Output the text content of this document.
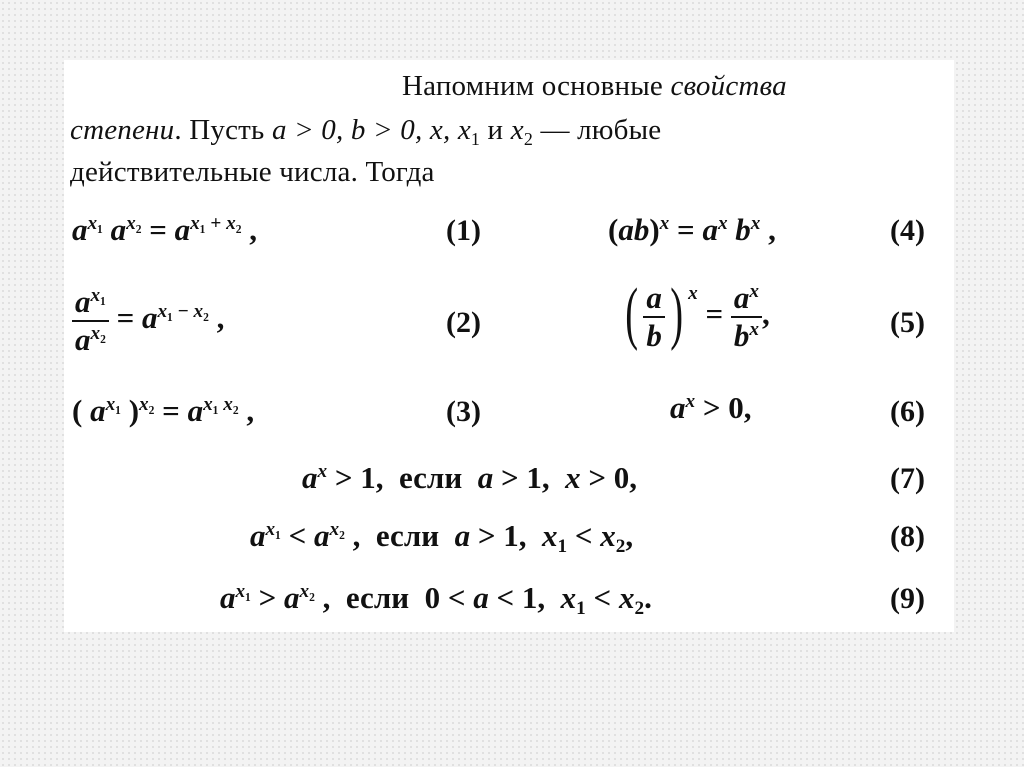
Напомним основные свойства
степени. Пусть a > 0, b > 0, x, $x_1$ и $x_2$ — любые
действительные числа. Тогда
$a^{x_1}$ $a^{x_2} = a^{x_1 + x_2}$ ,	(1)	$(ab)^x = a^x$ $b^x$ ,	(4)
$\frac{a^{x_1}}{a^{x_2}} = a^{x_1 - x_2}$ ,	(2) ( $\frac{a}{b}$ ) $^x = \frac{a^x}{b^x}$ ,	(5)
( $a^{x_1}$ )$^{x_2} = a^{x_1 x_2}$ ,	(3)	$a^x > 0$,	(6)
$a^x > 1$,  если a > 1,  x > 0,	(7)
$a^{x_1} < a^{x_2}$ ,  если a > 1,  $x_1 < x_2$,	(8)
$a^{x_1} > a^{x_2}$ ,  если  0 < a < 1,  $x_1 < x_2$.	(9)
